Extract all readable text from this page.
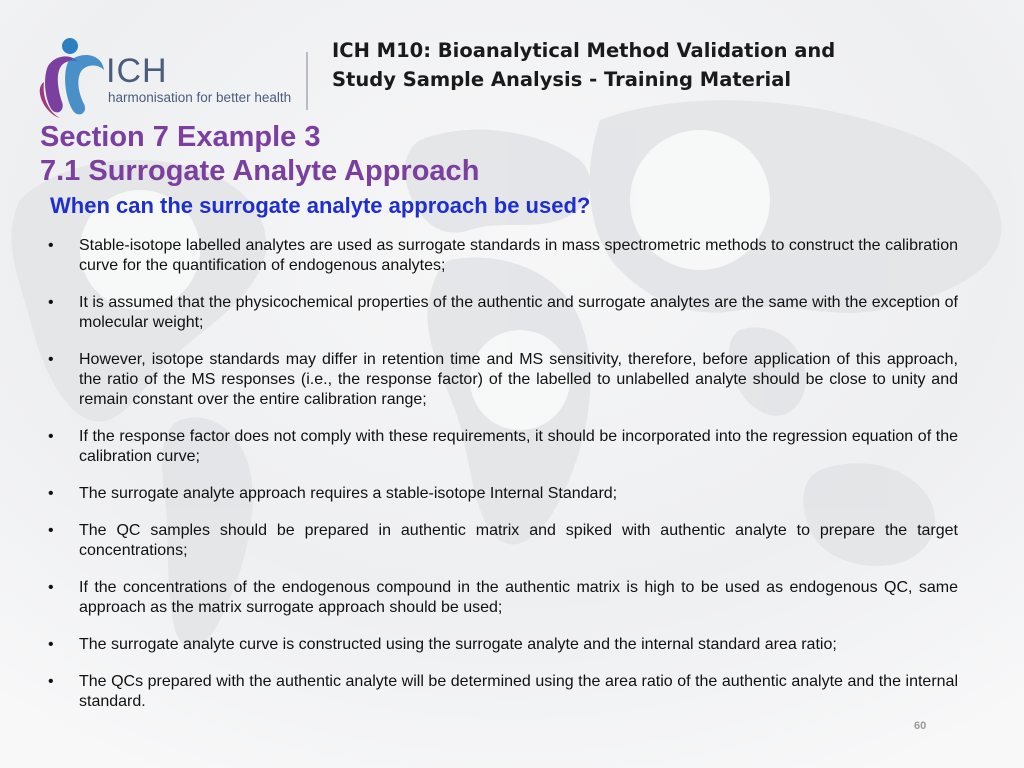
ICH
harmonisation for better health
ICH M10: Bioanalytical Method Validation and Study Sample Analysis - Training Material
Section 7 Example 3
7.1 Surrogate Analyte Approach
When can the surrogate analyte approach be used?
• Stable-isotope labelled analytes are used as surrogate standards in mass spectrometric methods to construct the calibration curve for the quantification of endogenous analytes;
• It is assumed that the physicochemical properties of the authentic and surrogate analytes are the same with the exception of molecular weight;
• However, isotope standards may differ in retention time and MS sensitivity, therefore, before application of this approach, the ratio of the MS responses (i.e., the response factor) of the labelled to unlabelled analyte should be close to unity and remain constant over the entire calibration range;
• If the response factor does not comply with these requirements, it should be incorporated into the regression equation of the calibration curve;
• The surrogate analyte approach requires a stable-isotope Internal Standard;
• The QC samples should be prepared in authentic matrix and spiked with authentic analyte to prepare the target concentrations;
• If the concentrations of the endogenous compound in the authentic matrix is high to be used as endogenous QC, same approach as the matrix surrogate approach should be used;
• The surrogate analyte curve is constructed using the surrogate analyte and the internal standard area ratio;
• The QCs prepared with the authentic analyte will be determined using the area ratio of the authentic analyte and the internal standard.
60
